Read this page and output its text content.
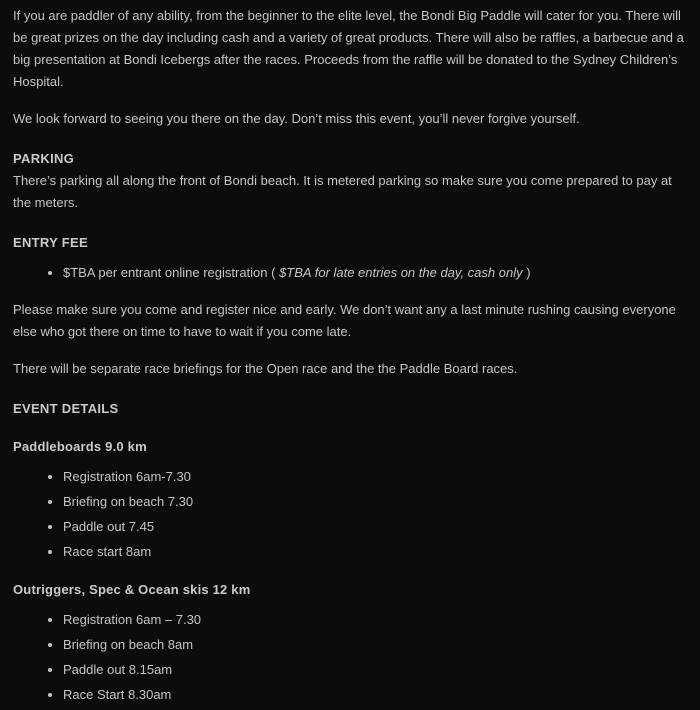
If you are paddler of any ability, from the beginner to the elite level, the Bondi Big Paddle will cater for you. There will be great prizes on the day including cash and a variety of great products. There will also be raffles, a barbecue and a big presentation at Bondi Icebergs after the races. Proceeds from the raffle will be donated to the Sydney Children’s Hospital.

We look forward to seeing you there on the day. Don’t miss this event, you’ll never forgive yourself.

PARKING

There’s parking all along the front of Bondi beach. It is metered parking so make sure you come prepared to pay at the meters.

ENTRY FEE
• $TBA per entrant online registration ( $TBA for late entries on the day, cash only )

Please make sure you come and register nice and early. We don’t want any a last minute rushing causing everyone else who got there on time to have to wait if you come late.

There will be separate race briefings for the Open race and the the Paddle Board races.

EVENT DETAILS
Paddleboards 9.0 km
• Registration 6am-7.30
• Briefing on beach 7.30
• Paddle out 7.45
• Race start 8am
Outriggers, Spec & Ocean skis 12 km
• Registration 6am – 7.30
• Briefing on beach 8am
• Paddle out 8.15am
• Race Start 8.30am
